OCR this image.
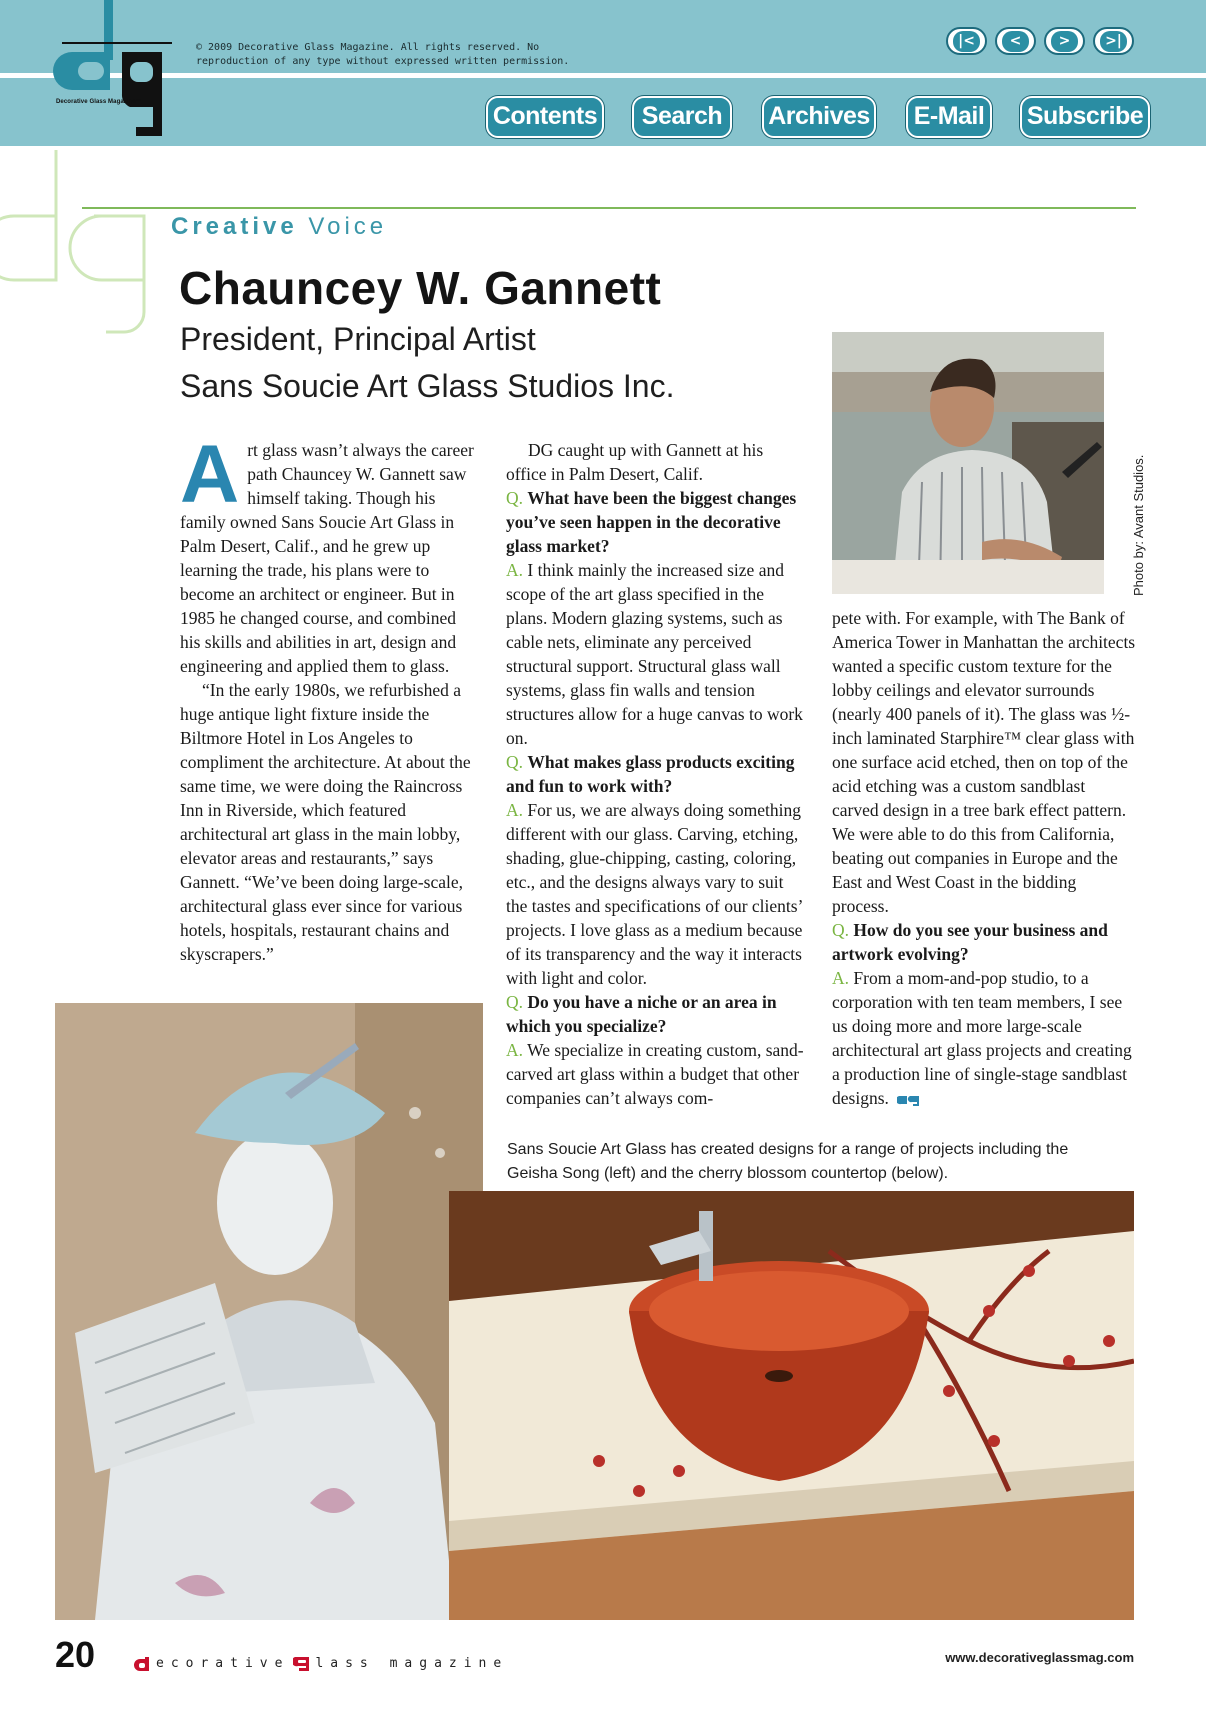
Decorative Glass Magazine™
© 2009 Decorative Glass Magazine. All rights reserved. No
reproduction of any type without expressed written permission.
|<	<	>	>|
Contents	Search	Archives	E-Mail	Subscribe
Creative Voice
Chauncey W. Gannett
President, Principal Artist
Sans Soucie Art Glass Studios Inc.

Art glass wasn’t always the career path Chauncey W. Gannett saw himself taking. Though his family owned Sans Soucie Art Glass in Palm Desert, Calif., and he grew up learning the trade, his plans were to become an architect or engineer. But in 1985 he changed course, and combined his skills and abilities in art, design and engineering and applied them to glass.

“In the early 1980s, we refurbished a huge antique light fixture inside the Biltmore Hotel in Los Angeles to compliment the architecture. At about the same time, we were doing the Raincross Inn in Riverside, which featured architectural art glass in the main lobby, elevator areas and restaurants,” says Gannett. “We’ve been doing large-scale, architectural glass ever since for various hotels, hospitals, restaurant chains and skyscrapers.”

DG caught up with Gannett at his office in Palm Desert, Calif.

Q. What have been the biggest changes you’ve seen happen in the decorative glass market?

A. I think mainly the increased size and scope of the art glass specified in the plans. Modern glazing systems, such as cable nets, eliminate any perceived structural support. Structural glass wall systems, glass fin walls and tension structures allow for a huge canvas to work on.

Q. What makes glass products exciting and fun to work with?

A. For us, we are always doing something different with our glass. Carving, etching, shading, glue-chipping, casting, coloring, etc., and the designs always vary to suit the tastes and specifications of our clients’ projects. I love glass as a medium because of its transparency and the way it interacts with light and color.

Q. Do you have a niche or an area in which you specialize?

A. We specialize in creating custom, sand-carved art glass within a budget that other companies can’t always com-

Photo by: Avant Studios.

pete with. For example, with The Bank of America Tower in Manhattan the architects wanted a specific custom texture for the lobby ceilings and elevator surrounds (nearly 400 panels of it). The glass was ½-inch laminated Starphire™ clear glass with one surface acid etched, then on top of the acid etching was a custom sandblast carved design in a tree bark effect pattern. We were able to do this from California, beating out companies in Europe and the East and West Coast in the bidding process.

Q. How do you see your business and artwork evolving?

A. From a mom-and-pop studio, to a corporation with ten team members, I see us doing more and more large-scale architectural art glass projects and creating a production line of single-stage sandblast designs.

Sans Soucie Art Glass has created designs for a range of projects including the Geisha Song (left) and the cherry blossom countertop (below).
20	ecorative lass magazine	www.decorativeglassmag.com
